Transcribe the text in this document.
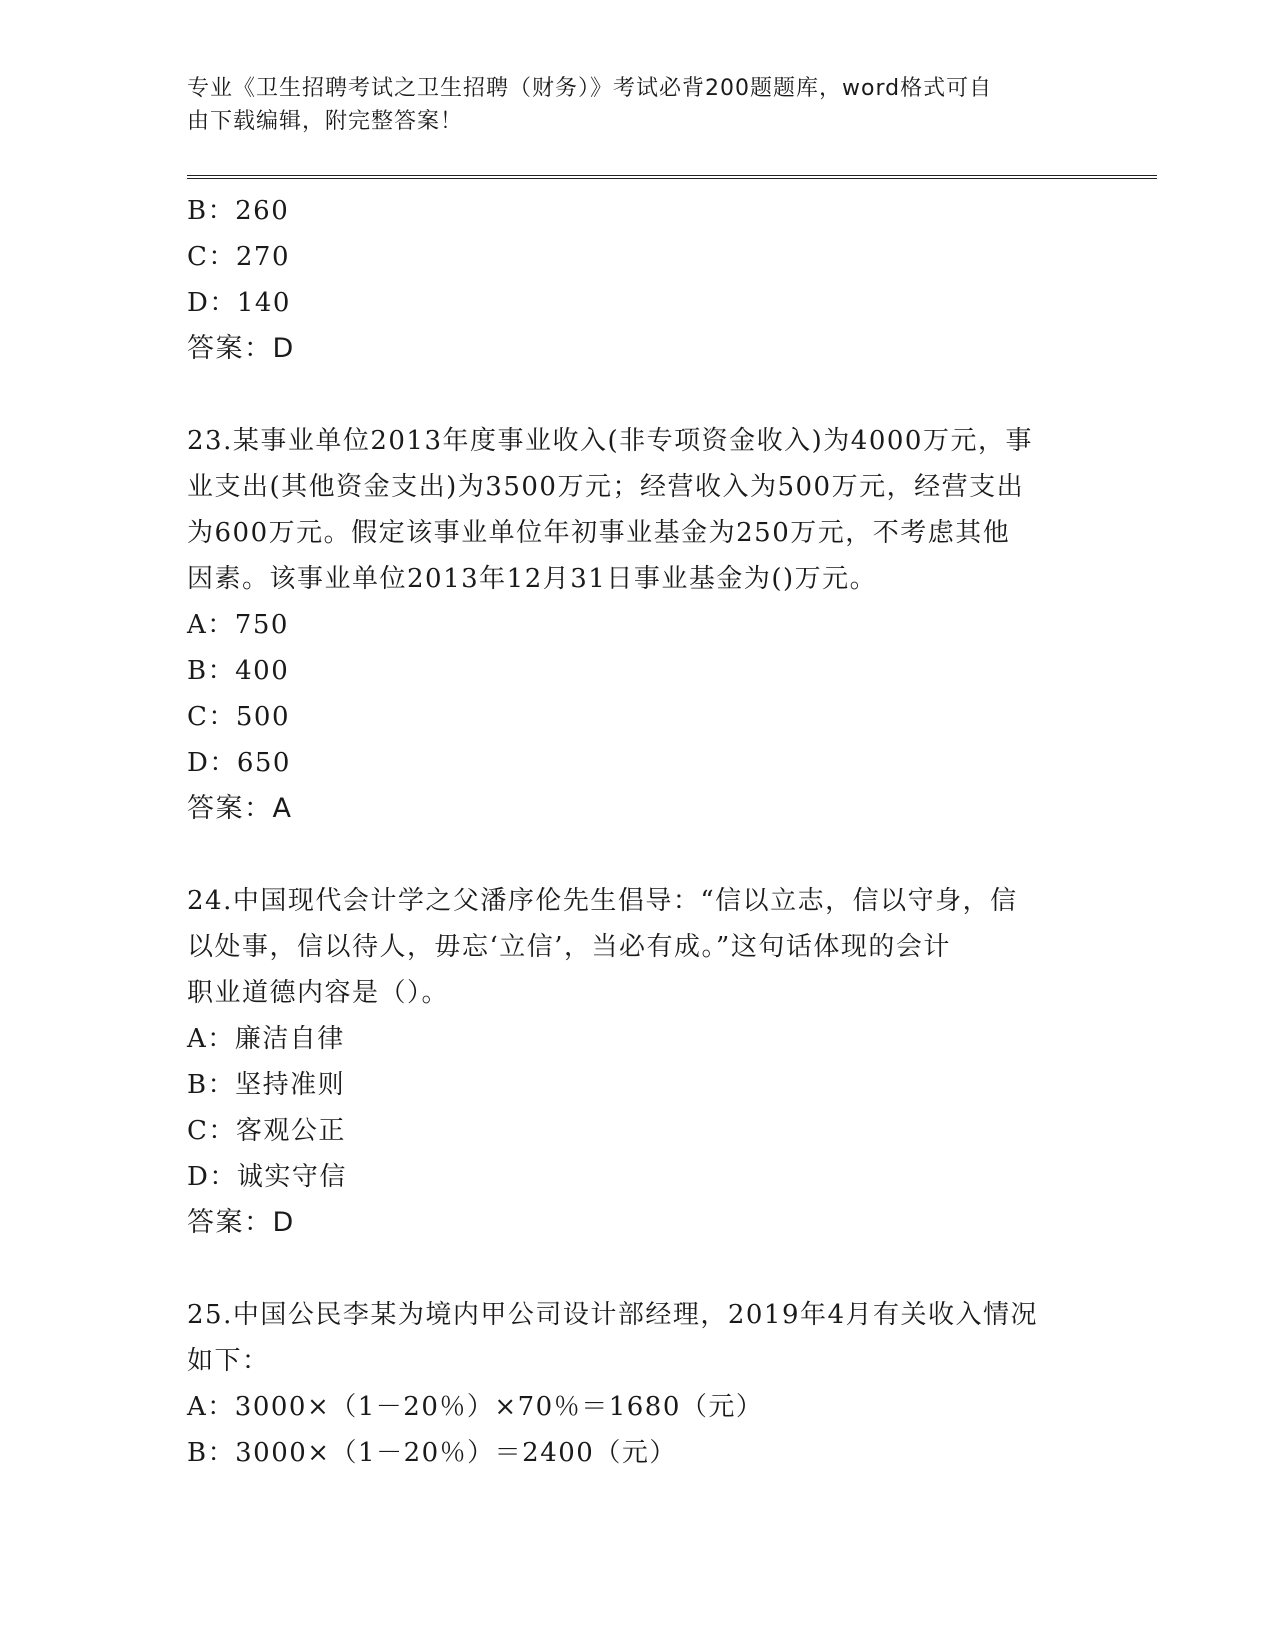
专业《卫生招聘考试之卫生招聘（财务）》考试必背200题题库，word格式可自
由下载编辑，附完整答案！
B：260
C：270
D：140
答案：D
23.某事业单位2013年度事业收入(非专项资金收入)为4000万元，事
业支出(其他资金支出)为3500万元；经营收入为500万元，经营支出
为600万元。假定该事业单位年初事业基金为250万元，不考虑其他
因素。该事业单位2013年12月31日事业基金为()万元。
A：750
B：400
C：500
D：650
答案：A
24.中国现代会计学之父潘序伦先生倡导：“信以立志，信以守身，信
以处事，信以待人，毋忘‘立信’，当必有成。”这句话体现的会计
职业道德内容是（）。
A：廉洁自律
B：坚持准则
C：客观公正
D：诚实守信
答案：D
25.中国公民李某为境内甲公司设计部经理，2019年4月有关收入情况
如下：
A：3000×（1－20％）×70％＝1680（元）
B：3000×（1－20％）＝2400（元）
